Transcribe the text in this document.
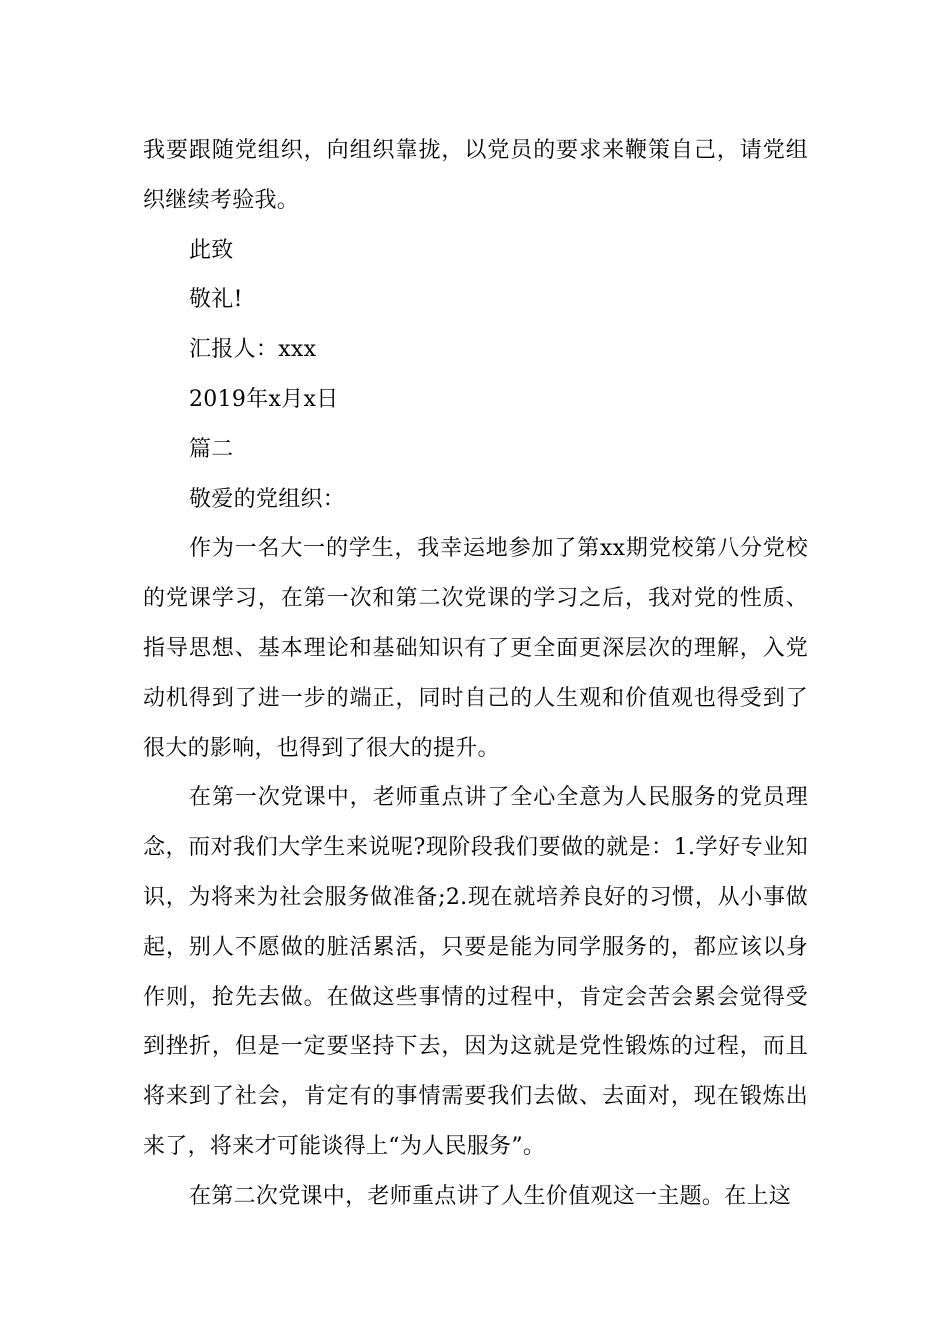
我要跟随党组织，向组织靠拢，以党员的要求来鞭策自己，请党组织继续考验我。

此致

敬礼!

汇报人：xxx

2019年x月x日

篇二

敬爱的党组织：

作为一名大一的学生，我幸运地参加了第xx期党校第八分党校的党课学习，在第一次和第二次党课的学习之后，我对党的性质、指导思想、基本理论和基础知识有了更全面更深层次的理解，入党动机得到了进一步的端正，同时自己的人生观和价值观也得受到了很大的影响，也得到了很大的提升。

在第一次党课中，老师重点讲了全心全意为人民服务的党员理念，而对我们大学生来说呢?现阶段我们要做的就是：1.学好专业知识，为将来为社会服务做准备;2.现在就培养良好的习惯，从小事做起，别人不愿做的脏活累活，只要是能为同学服务的，都应该以身作则，抢先去做。在做这些事情的过程中，肯定会苦会累会觉得受到挫折，但是一定要坚持下去，因为这就是党性锻炼的过程，而且将来到了社会，肯定有的事情需要我们去做、去面对，现在锻炼出来了，将来才可能谈得上“为人民服务”。

在第二次党课中，老师重点讲了人生价值观这一主题。在上这
